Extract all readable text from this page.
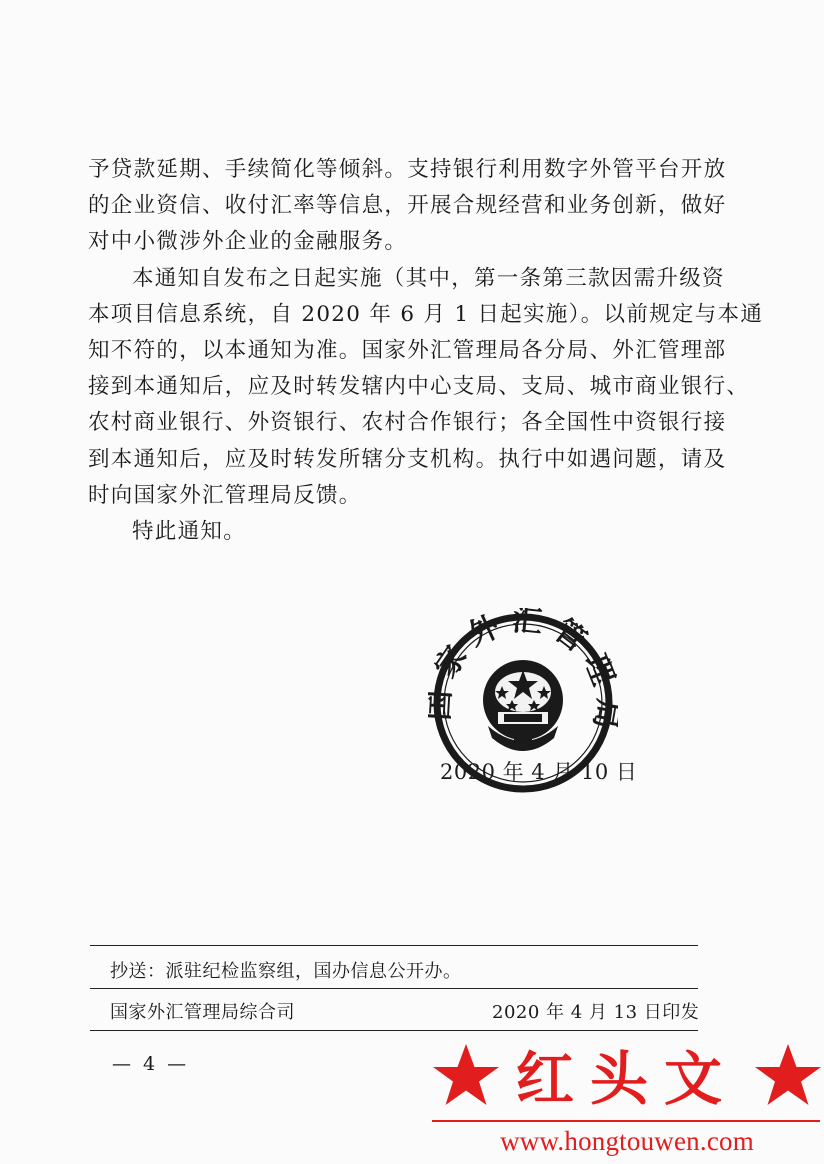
予贷款延期、手续简化等倾斜。支持银行利用数字外管平台开放
的企业资信、收付汇率等信息，开展合规经营和业务创新，做好
对中小微涉外企业的金融服务。
本通知自发布之日起实施（其中，第一条第三款因需升级资
本项目信息系统，自 2020 年 6 月 1 日起实施）。以前规定与本通
知不符的，以本通知为准。国家外汇管理局各分局、外汇管理部
接到本通知后，应及时转发辖内中心支局、支局、城市商业银行、
农村商业银行、外资银行、农村合作银行；各全国性中资银行接
到本通知后，应及时转发所辖分支机构。执行中如遇问题，请及
时向国家外汇管理局反馈。
特此通知。
家外汇管
2020 年 4 月 10 日
抄送：派驻纪检监察组，国办信息公开办。
国家外汇管理局综合司	2020 年 4 月 13 日印发
— 4 —	红头文
www.hongtouwen.com
